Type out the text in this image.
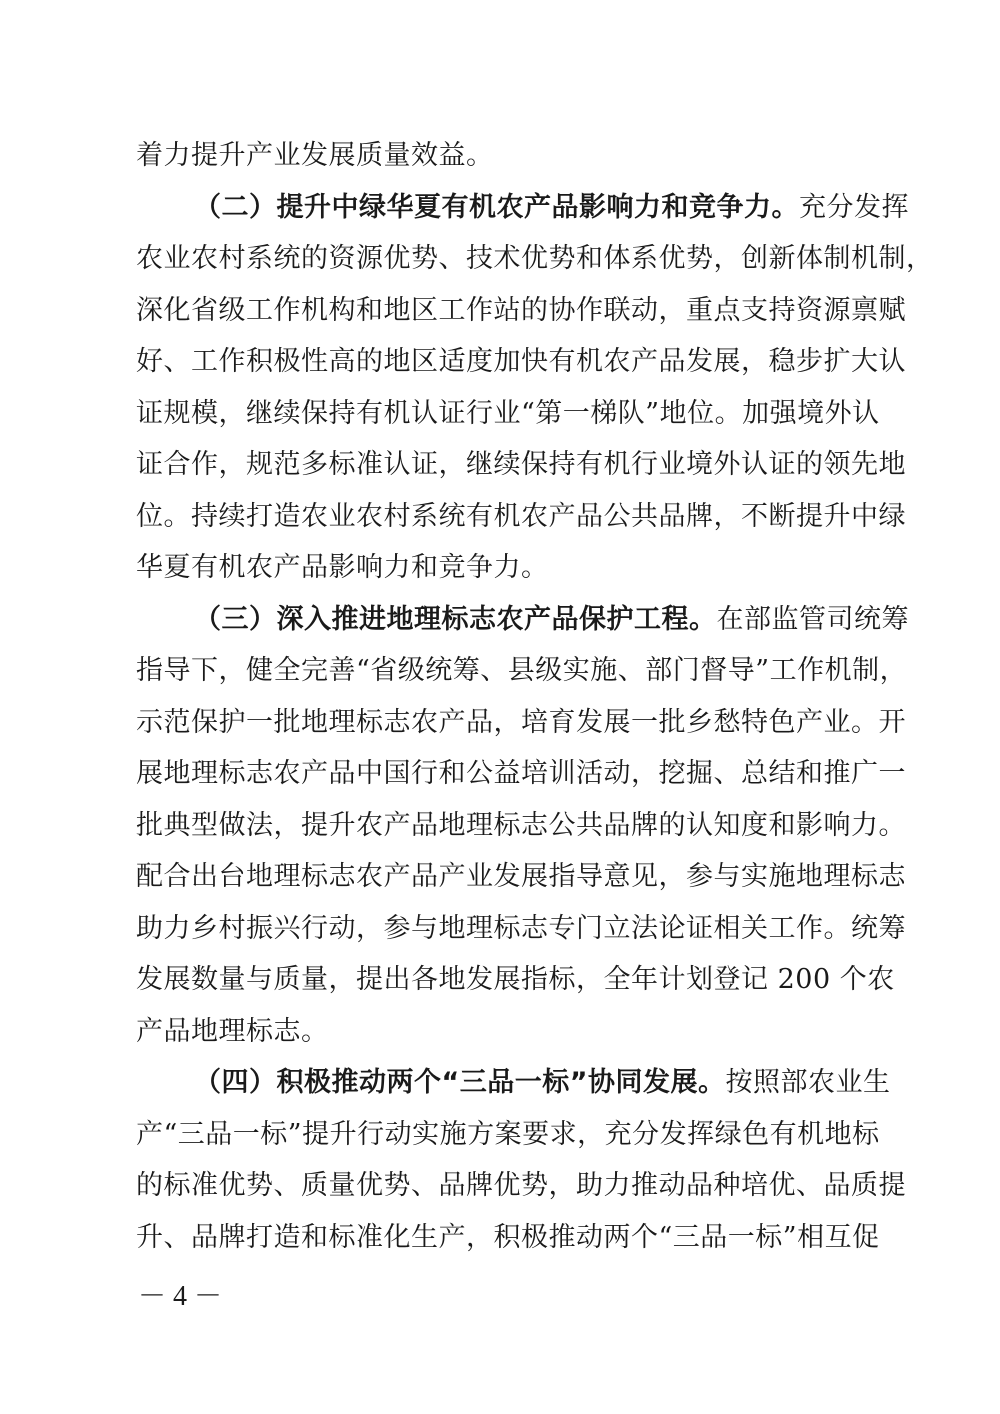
着力提升产业发展质量效益。
（二）提升中绿华夏有机农产品影响力和竞争力。充分发挥
农业农村系统的资源优势、技术优势和体系优势，创新体制机制，
深化省级工作机构和地区工作站的协作联动，重点支持资源禀赋
好、工作积极性高的地区适度加快有机农产品发展，稳步扩大认
证规模，继续保持有机认证行业“第一梯队”地位。加强境外认
证合作，规范多标准认证，继续保持有机行业境外认证的领先地
位。持续打造农业农村系统有机农产品公共品牌，不断提升中绿
华夏有机农产品影响力和竞争力。
（三）深入推进地理标志农产品保护工程。在部监管司统筹
指导下，健全完善“省级统筹、县级实施、部门督导”工作机制，
示范保护一批地理标志农产品，培育发展一批乡愁特色产业。开
展地理标志农产品中国行和公益培训活动，挖掘、总结和推广一
批典型做法，提升农产品地理标志公共品牌的认知度和影响力。
配合出台地理标志农产品产业发展指导意见，参与实施地理标志
助力乡村振兴行动，参与地理标志专门立法论证相关工作。统筹
发展数量与质量，提出各地发展指标，全年计划登记 200 个农
产品地理标志。
（四）积极推动两个“三品一标”协同发展。按照部农业生
产“三品一标”提升行动实施方案要求，充分发挥绿色有机地标
的标准优势、质量优势、品牌优势，助力推动品种培优、品质提
升、品牌打造和标准化生产，积极推动两个“三品一标”相互促
－ 4 －
